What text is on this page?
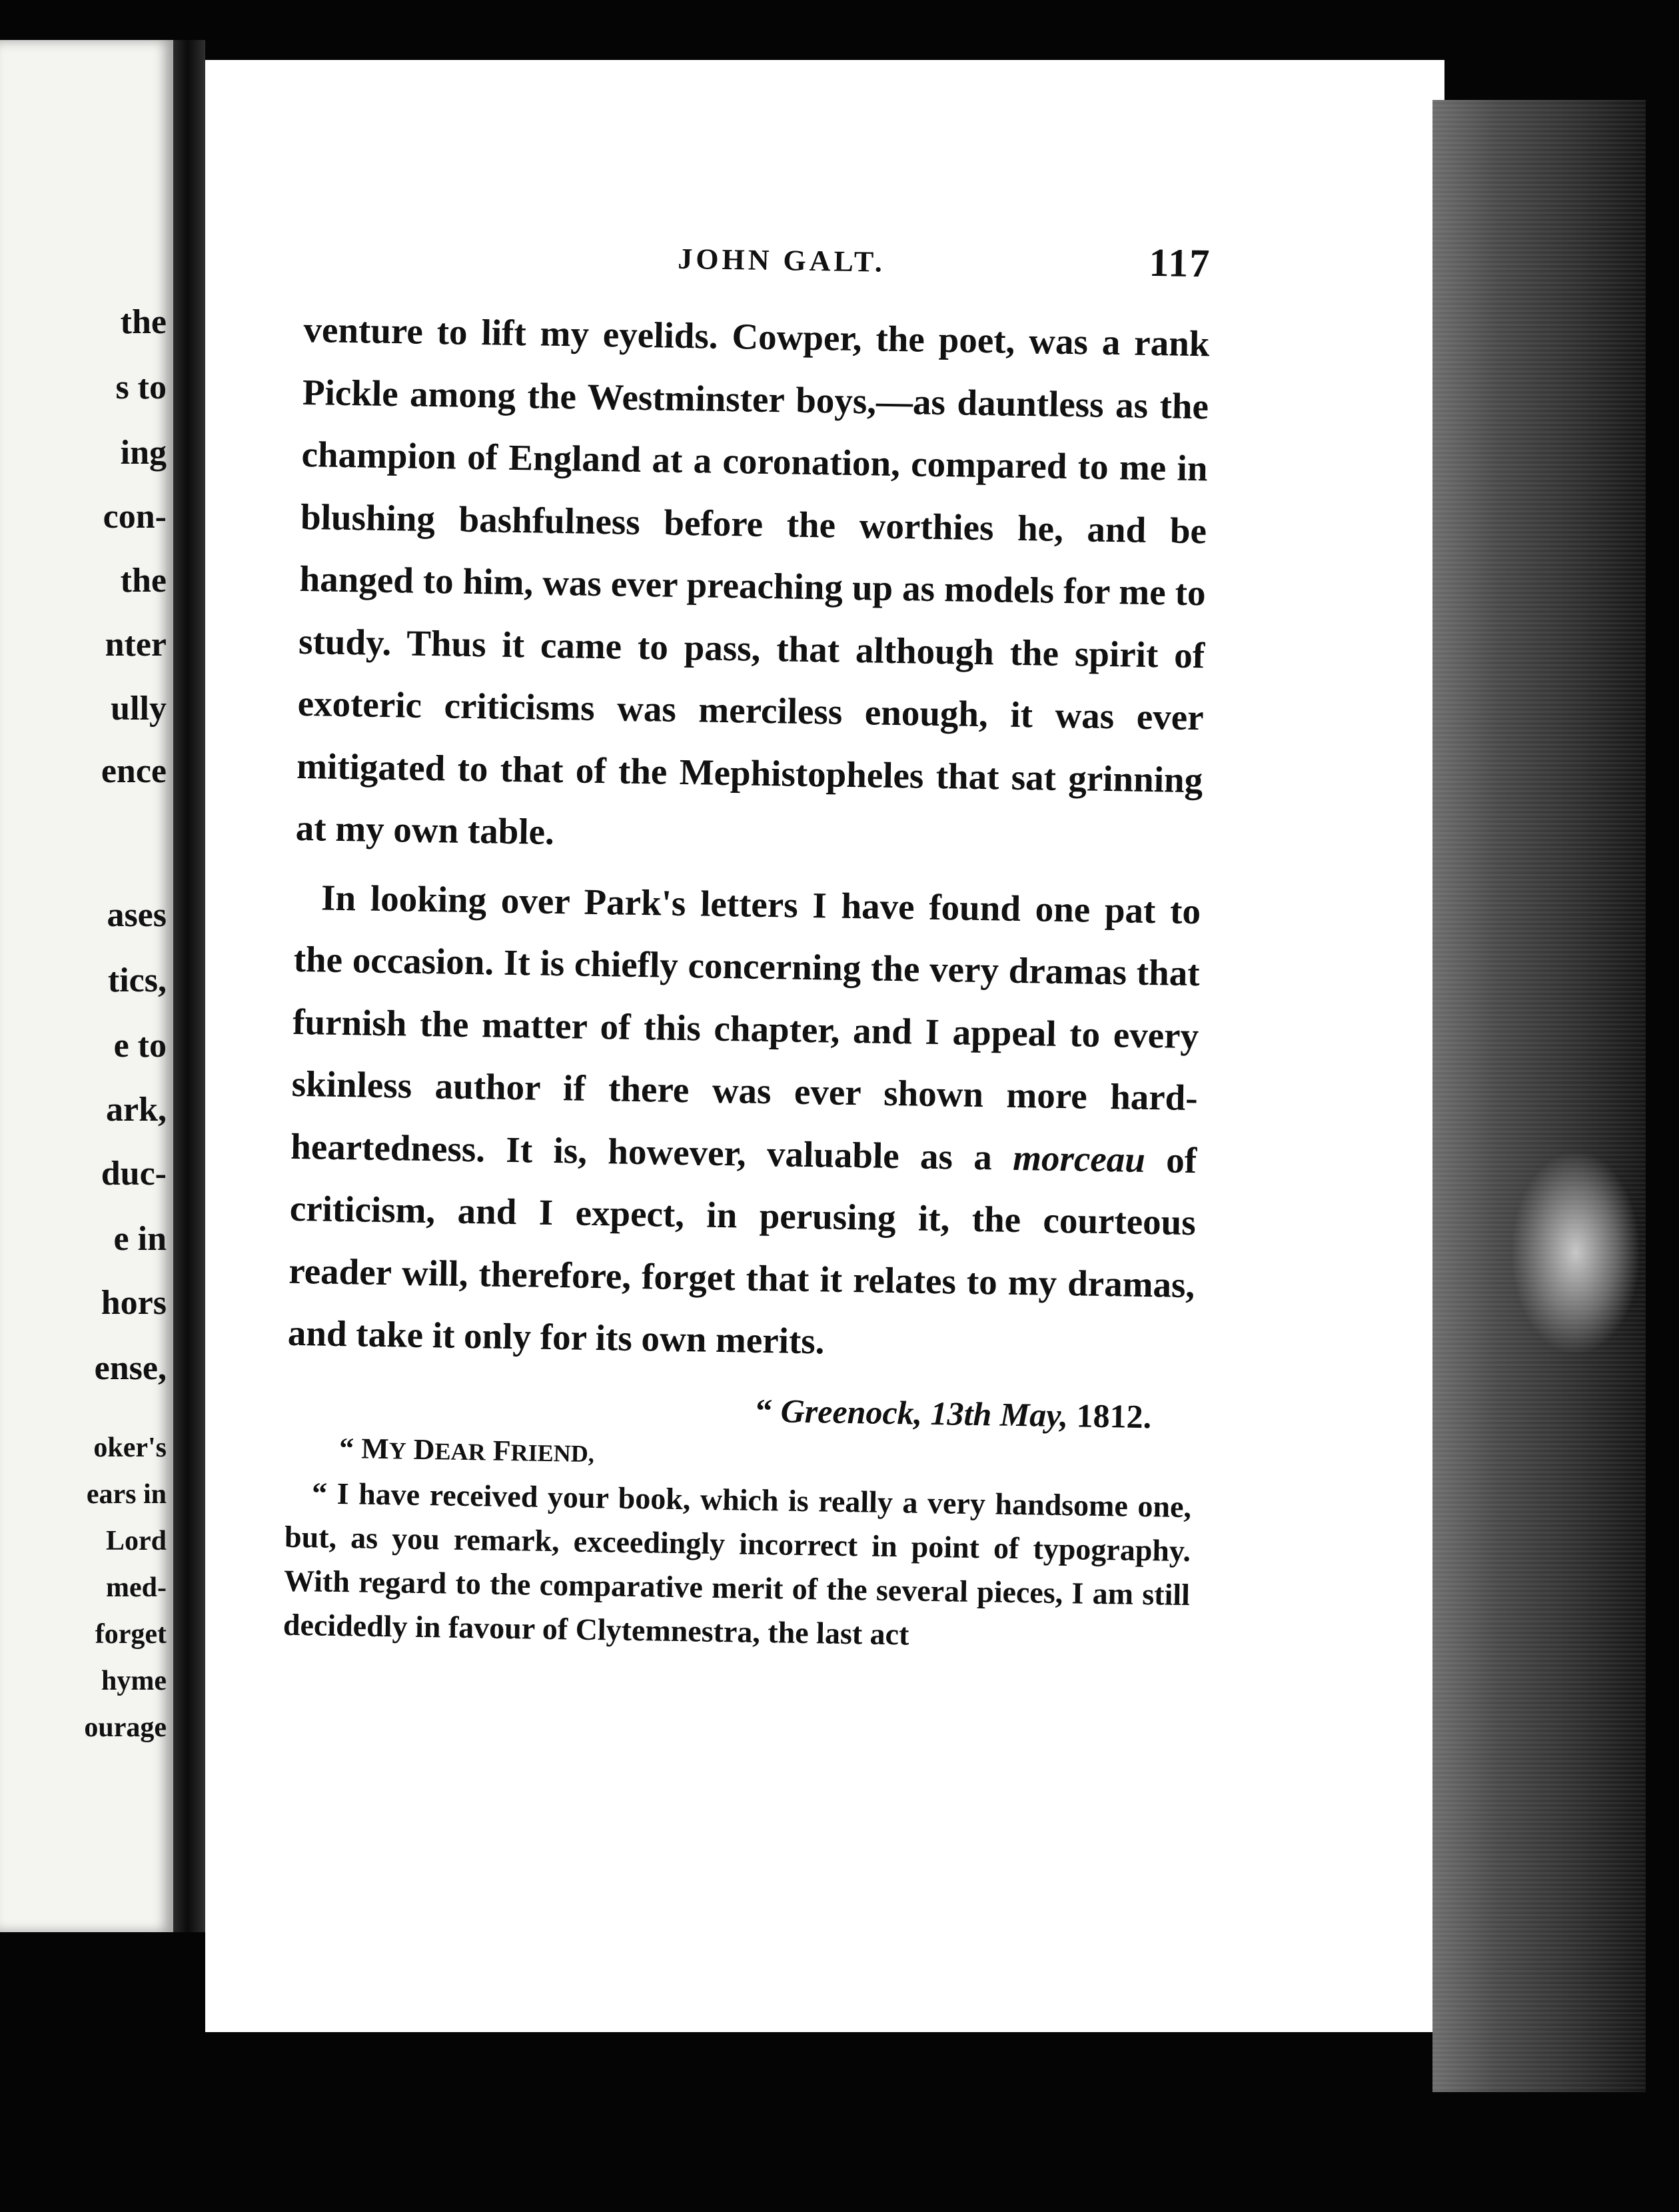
the
s to
ing
con-
the
nter
ully
ence
ases
tics,
e to
ark,
duc-
e in
hors
ense,
oker's
ears in
Lord
med-
forget
hyme
ourage
JOHN GALT.	117

venture to lift my eyelids. Cowper, the poet, was a rank Pickle among the Westminster boys,—as dauntless as the champion of England at a coronation, compared to me in blushing bashfulness before the worthies he, and be hanged to him, was ever preaching up as models for me to study. Thus it came to pass, that although the spirit of exoteric criticisms was merciless enough, it was ever mitigated to that of the Mephistopheles that sat grinning at my own table.

In looking over Park's letters I have found one pat to the occasion. It is chiefly concerning the very dramas that furnish the matter of this chapter, and I appeal to every skinless author if there was ever shown more hard-heartedness. It is, however, valuable as a morceau of criticism, and I expect, in perusing it, the courteous reader will, therefore, forget that it relates to my dramas, and take it only for its own merits.

“ Greenock, 13th May, 1812.
“ MY DEAR FRIEND,

“ I have received your book, which is really a very handsome one, but, as you remark, exceedingly incorrect in point of typography. With regard to the comparative merit of the several pieces, I am still decidedly in favour of Clytemnestra, the last act
